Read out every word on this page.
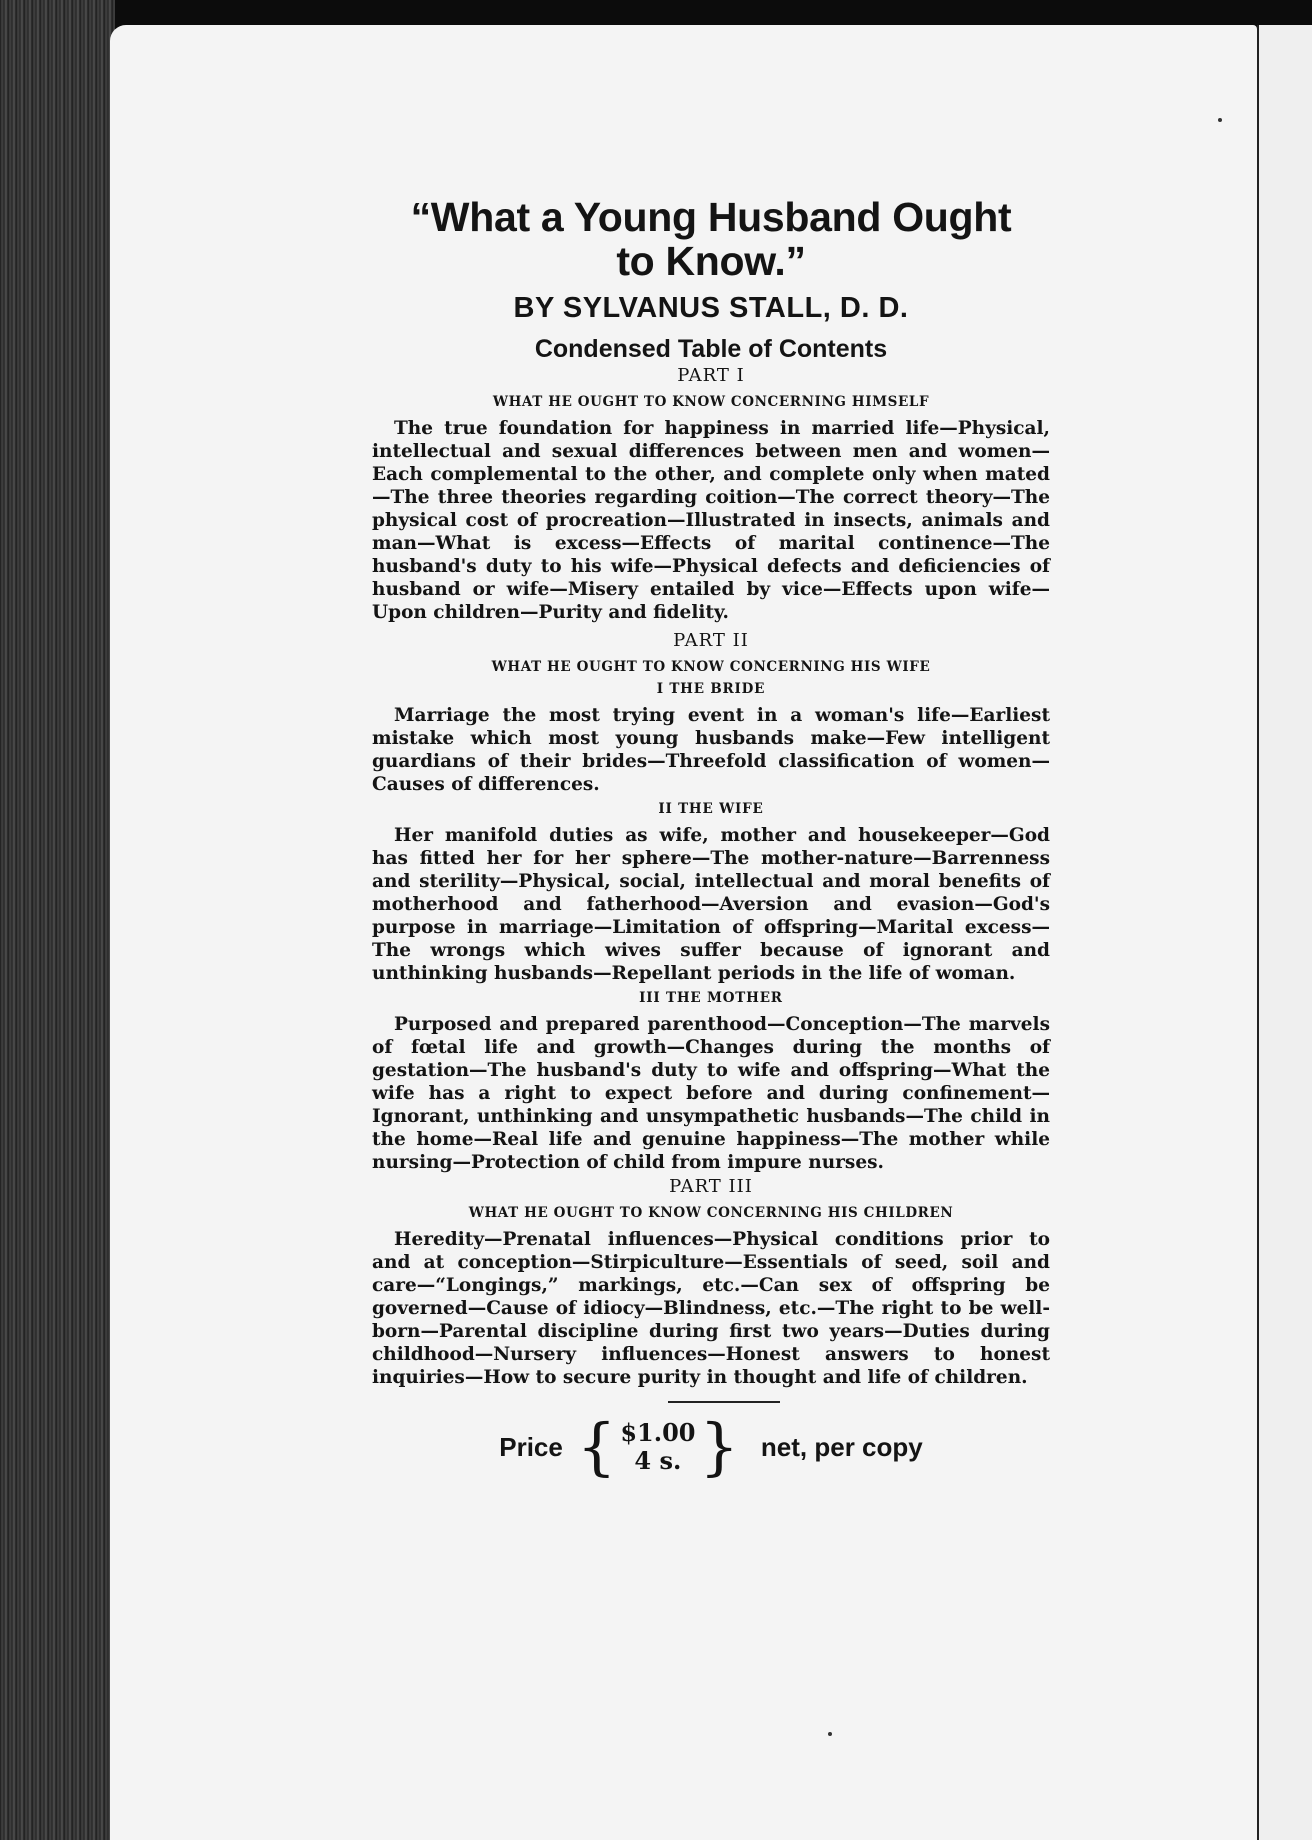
“What a Young Husband Ought
to Know.”
BY SYLVANUS STALL, D. D.
Condensed Table of Contents
PART I
WHAT HE OUGHT TO KNOW CONCERNING HIMSELF

The true foundation for happiness in married life—Physical, intellectual and sexual differences between men and women—Each complemental to the other, and complete only when mated—The three theories regarding coition—The correct theory—The physical cost of procreation—Illustrated in insects, animals and man—What is excess—Effects of marital continence—The husband's duty to his wife—Physical defects and deficiencies of husband or wife—Misery entailed by vice—Effects upon wife—Upon children—Purity and fidelity.

PART II
WHAT HE OUGHT TO KNOW CONCERNING HIS WIFE
I THE BRIDE

Marriage the most trying event in a woman's life—Earliest mistake which most young husbands make—Few intelligent guardians of their brides—Threefold classification of women—Causes of differences.

II THE WIFE

Her manifold duties as wife, mother and housekeeper—God has fitted her for her sphere—The mother-nature—Barrenness and sterility—Physical, social, intellectual and moral benefits of motherhood and fatherhood—Aversion and evasion—God's purpose in marriage—Limitation of offspring—Marital excess—The wrongs which wives suffer because of ignorant and unthinking husbands—Repellant periods in the life of woman.

III THE MOTHER

Purposed and prepared parenthood—Conception—The marvels of fœtal life and growth—Changes during the months of gestation—The husband's duty to wife and offspring—What the wife has a right to expect before and during confinement—Ignorant, unthinking and unsympathetic husbands—The child in the home—Real life and genuine happiness—The mother while nursing—Protection of child from impure nurses.

PART III
WHAT HE OUGHT TO KNOW CONCERNING HIS CHILDREN

Heredity—Prenatal influences—Physical conditions prior to and at conception—Stirpiculture—Essentials of seed, soil and care—“Longings,” markings, etc.—Can sex of offspring be governed—Cause of idiocy—Blindness, etc.—The right to be well-born—Parental discipline during first two years—Duties during childhood—Nursery influences—Honest answers to honest inquiries—How to secure purity in thought and life of children.

Price { $1.00
4 s. } net, per copy
